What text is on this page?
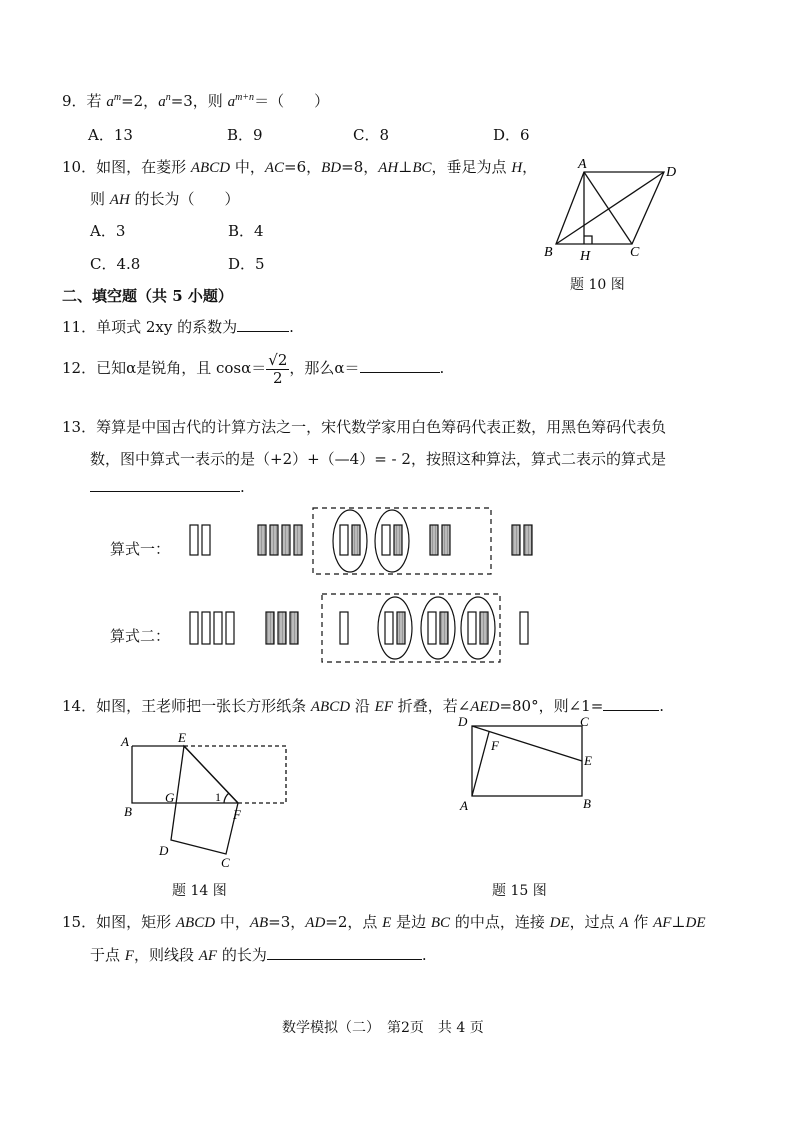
9．若 $a^m=2$，$a^n=3$，则 $a^{m+n}=$（　　）
A．13	B．9	C．8	D．6
10．如图，在菱形 ABCD 中，AC=6，BD=8，AH⊥BC，垂足为点 H，
则 AH 的长为（　　）
A．3	B．4
C．4.8	D．5
A
D
B H	C
题 10 图
二、填空题（共 5 小题）
11．单项式 2xy 的系数为	.
12．已知α是锐角，且 $\cos\alpha= \frac{√2}{2}$ ，那么α＝	.
13．筹算是中国古代的计算方法之一，宋代数学家用白色筹码代表正数，用黑色筹码代表负
数，图中算式一表示的是（+2）+（—4）= - 2，按照这种算法，算式二表示的算式是
.
算式一：
算式二：
14．如图，王老师把一张长方形纸条 ABCD 沿 EF 折叠，若∠AED=80°，则∠1=	.
A	E
B
G	1
F
D
C
题 14 图
D	C
E
F
A	B
题 15 图
15．如图，矩形 ABCD 中，AB=3，AD=2，点 E 是边 BC 的中点，连接 DE，过点 A 作 AF⊥DE
于点 F，则线段 AF 的长为	.
数学模拟（二）　第2页　共 4 页
